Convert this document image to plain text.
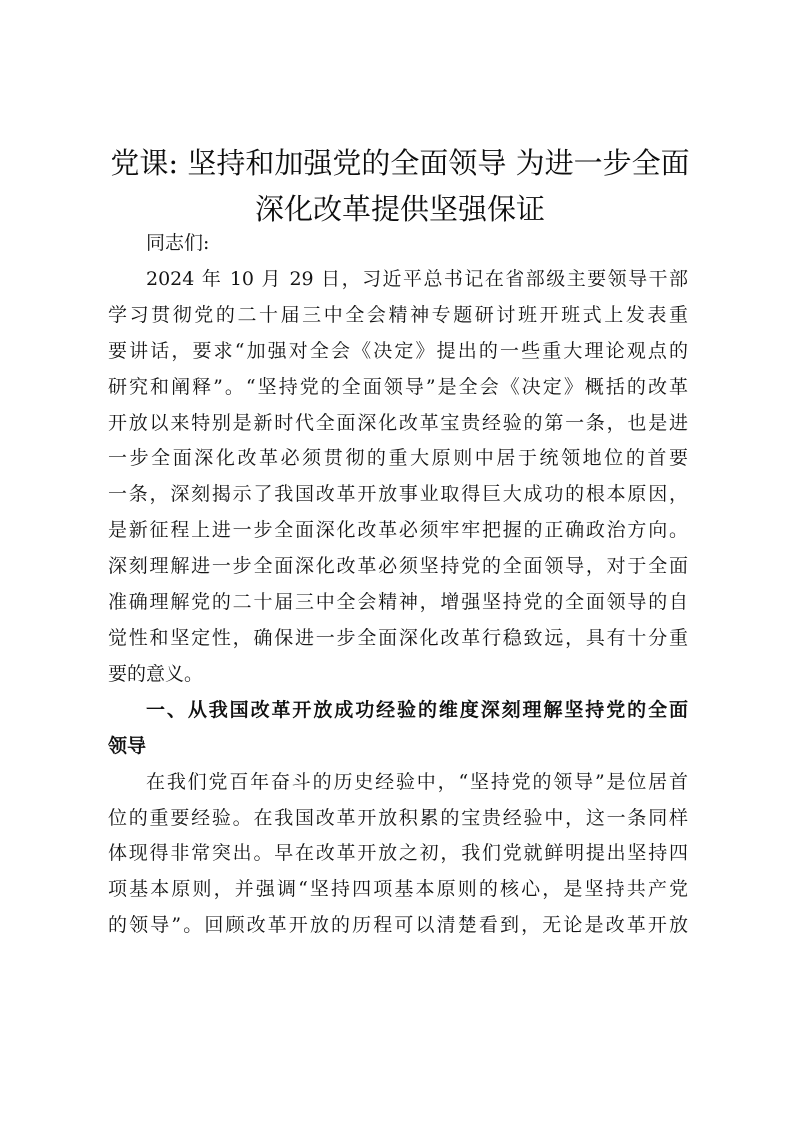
党课: 坚持和加强党的全面领导 为进一步全面
深化改革提供坚强保证

同志们:

2024 年 10 月 29 日，习近平总书记在省部级主要领导干部
学习贯彻党的二十届三中全会精神专题研讨班开班式上发表重
要讲话，要求“加强对全会《决定》提出的一些重大理论观点的
研究和阐释”。“坚持党的全面领导”是全会《决定》概括的改革
开放以来特别是新时代全面深化改革宝贵经验的第一条，也是进
一步全面深化改革必须贯彻的重大原则中居于统领地位的首要
一条，深刻揭示了我国改革开放事业取得巨大成功的根本原因，
是新征程上进一步全面深化改革必须牢牢把握的正确政治方向。
深刻理解进一步全面深化改革必须坚持党的全面领导，对于全面
准确理解党的二十届三中全会精神，增强坚持党的全面领导的自
觉性和坚定性，确保进一步全面深化改革行稳致远，具有十分重
要的意义。

一、从我国改革开放成功经验的维度深刻理解坚持党的全面
领导

在我们党百年奋斗的历史经验中，“坚持党的领导”是位居首
位的重要经验。在我国改革开放积累的宝贵经验中，这一条同样
体现得非常突出。早在改革开放之初，我们党就鲜明提出坚持四
项基本原则，并强调“坚持四项基本原则的核心，是坚持共产党
的领导”。回顾改革开放的历程可以清楚看到，无论是改革开放
